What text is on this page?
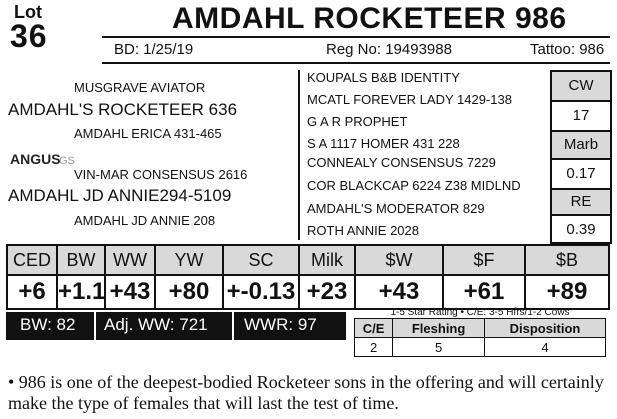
Lot
36	AMDAHL ROCKETEER 986
BD: 1/25/19	Reg No: 19493988	Tattoo: 986
MUSGRAVE AVIATOR
AMDAHL'S ROCKETEER 636
AMDAHL ERICA 431-465
ANGUS
GS
VIN-MAR CONSENSUS 2616
AMDAHL JD ANNIE294-5109
AMDAHL JD ANNIE 208
KOUPALS B&B IDENTITY
MCATL FOREVER LADY 1429-138
G A R PROPHET
S A 1117 HOMER 431 228
CONNEALY CONSENSUS 7229
COR BLACKCAP 6224 Z38 MIDLND
AMDAHL'S MODERATOR 829
ROTH ANNIE 2028
CW
17
Marb
0.17
RE
0.39
CED BW WW	YW	SC	Milk	$W	$F	$B
+6 +1.1 +43 +80 +-0.13 +23	+43	+61	+89
BW: 82 Adj. WW: 721 WWR: 97
1-5 Star Rating • C/E: 3-5 Hfrs/1-2 Cows
C/E	Fleshing	Disposition
2	5	4
• 986 is one of the deepest-bodied Rocketeer sons in the offering and will certainly make the type of females that will last the test of time.
